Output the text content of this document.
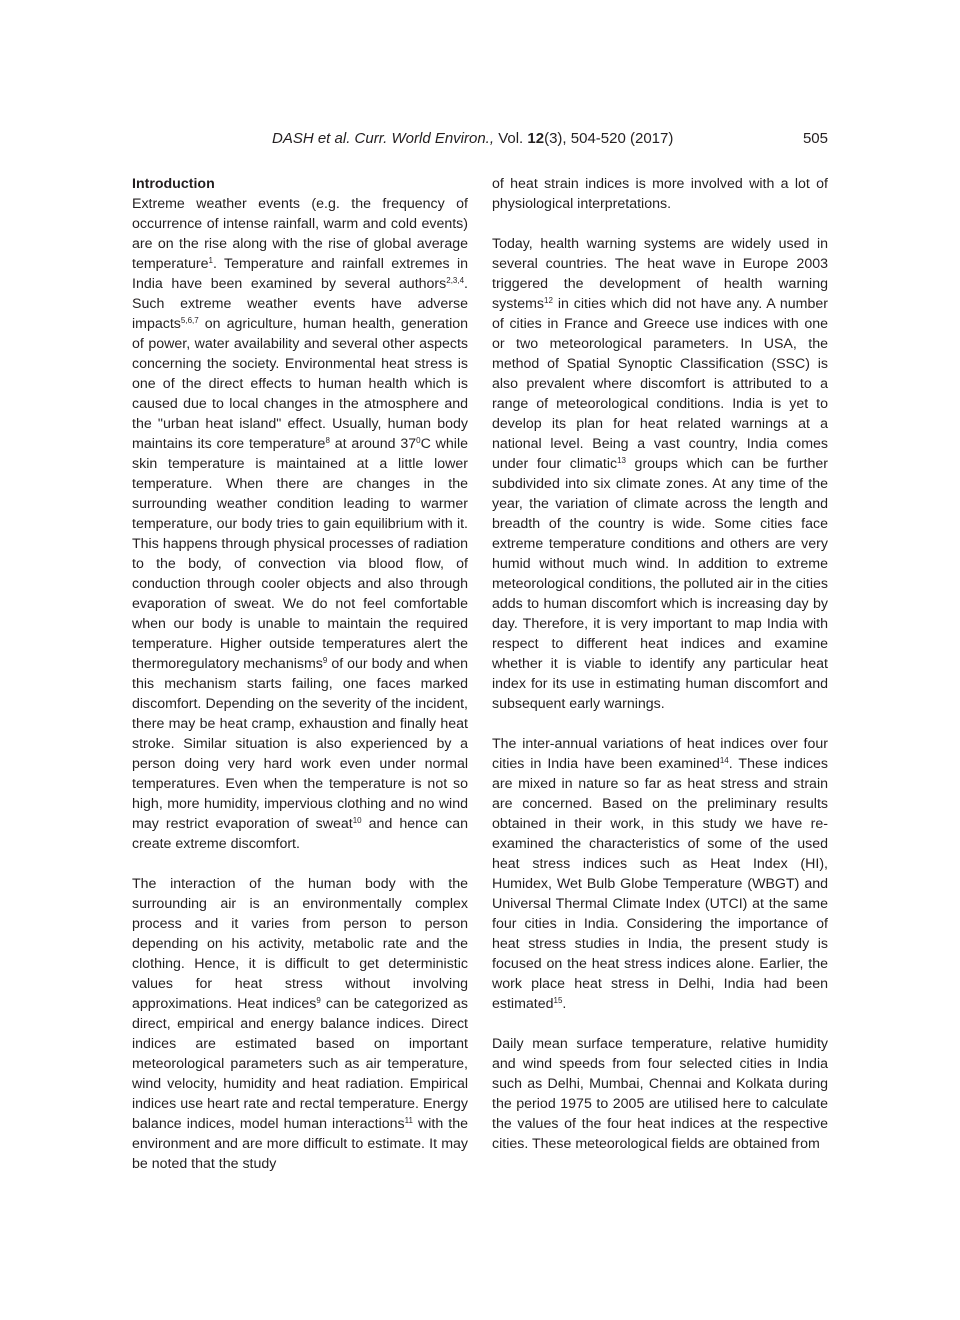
DASH et al. Curr. World Environ., Vol. 12(3), 504-520 (2017)	505
Introduction

Extreme weather events (e.g. the frequency of occurrence of intense rainfall, warm and cold events) are on the rise along with the rise of global average temperature$^1$. Temperature and rainfall extremes in India have been examined by several authors$^{2,3,4}$. Such extreme weather events have adverse impacts$^{5,6,7}$ on agriculture, human health, generation of power, water availability and several other aspects concerning the society. Environmental heat stress is one of the direct effects to human health which is caused due to local changes in the atmosphere and the "urban heat island" effect. Usually, human body maintains its core temperature$^8$ at around $37^0C$ while skin temperature is maintained at a little lower temperature. When there are changes in the surrounding weather condition leading to warmer temperature, our body tries to gain equilibrium with it. This happens through physical processes of radiation to the body, of convection via blood flow, of conduction through cooler objects and also through evaporation of sweat. We do not feel comfortable when our body is unable to maintain the required temperature. Higher outside temperatures alert the thermoregulatory mechanisms$^9$ of our body and when this mechanism starts failing, one faces marked discomfort. Depending on the severity of the incident, there may be heat cramp, exhaustion and finally heat stroke. Similar situation is also experienced by a person doing very hard work even under normal temperatures. Even when the temperature is not so high, more humidity, impervious clothing and no wind may restrict evaporation of sweat$^{10}$ and hence can create extreme discomfort.

The interaction of the human body with the surrounding air is an environmentally complex process and it varies from person to person depending on his activity, metabolic rate and the clothing. Hence, it is difficult to get deterministic values for heat stress without involving approximations. Heat indices$^9$ can be categorized as direct, empirical and energy balance indices. Direct indices are estimated based on important meteorological parameters such as air temperature, wind velocity, humidity and heat radiation. Empirical indices use heart rate and rectal temperature. Energy balance indices, model human interactions$^{11}$ with the environment and are more difficult to estimate. It may be noted that the study

of heat strain indices is more involved with a lot of physiological interpretations.

Today, health warning systems are widely used in several countries. The heat wave in Europe 2003 triggered the development of health warning systems$^{12}$ in cities which did not have any. A number of cities in France and Greece use indices with one or two meteorological parameters. In USA, the method of Spatial Synoptic Classification (SSC) is also prevalent where discomfort is attributed to a range of meteorological conditions. India is yet to develop its plan for heat related warnings at a national level. Being a vast country, India comes under four climatic$^{13}$ groups which can be further subdivided into six climate zones. At any time of the year, the variation of climate across the length and breadth of the country is wide. Some cities face extreme temperature conditions and others are very humid without much wind. In addition to extreme meteorological conditions, the polluted air in the cities adds to human discomfort which is increasing day by day. Therefore, it is very important to map India with respect to different heat indices and examine whether it is viable to identify any particular heat index for its use in estimating human discomfort and subsequent early warnings.

The inter-annual variations of heat indices over four cities in India have been examined$^{14}$. These indices are mixed in nature so far as heat stress and strain are concerned. Based on the preliminary results obtained in their work, in this study we have re-examined the characteristics of some of the used heat stress indices such as Heat Index (HI), Humidex, Wet Bulb Globe Temperature (WBGT) and Universal Thermal Climate Index (UTCI) at the same four cities in India. Considering the importance of heat stress studies in India, the present study is focused on the heat stress indices alone. Earlier, the work place heat stress in Delhi, India had been estimated$^{15}$.

Daily mean surface temperature, relative humidity and wind speeds from four selected cities in India such as Delhi, Mumbai, Chennai and Kolkata during the period 1975 to 2005 are utilised here to calculate the values of the four heat indices at the respective cities. These meteorological fields are obtained from
